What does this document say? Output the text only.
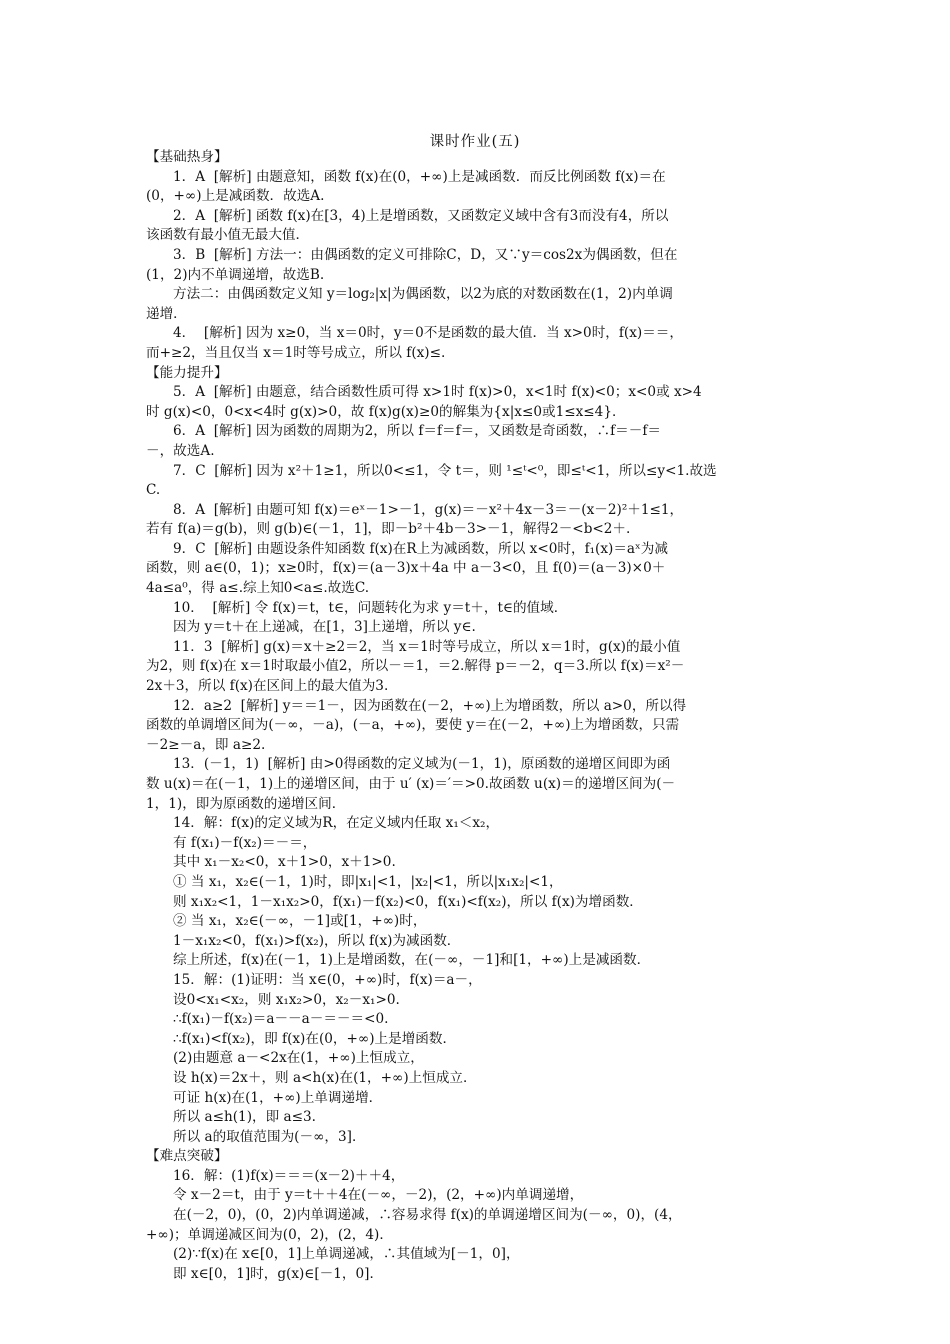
课时作业(五)
【基础热身】
1．A  [解析] 由题意知，函数 f(x)在(0，+∞)上是减函数．而反比例函数 f(x)＝在
(0，+∞)上是减函数．故选A.
2．A  [解析] 函数 f(x)在[3，4)上是增函数，又函数定义域中含有3而没有4，所以
该函数有最小值无最大值．
3．B  [解析] 方法一：由偶函数的定义可排除C，D，又∵y＝cos2x为偶函数，但在
(1，2)内不单调递增，故选B.
方法二：由偶函数定义知 y＝log₂|x|为偶函数，以2为底的对数函数在(1，2)内单调
递增．
4．  [解析] 因为 x≥0，当 x＝0时，y＝0不是函数的最大值．当 x>0时，f(x)＝＝，
而+≥2，当且仅当 x＝1时等号成立，所以 f(x)≤.
【能力提升】
5．A  [解析] 由题意，结合函数性质可得 x>1时 f(x)>0，x<1时 f(x)<0；x<0或 x>4
时 g(x)<0，0<x<4时 g(x)>0，故 f(x)g(x)≥0的解集为{x|x≤0或1≤x≤4}．
6．A  [解析] 因为函数的周期为2，所以 f＝f＝f＝，又函数是奇函数，∴f＝－f＝
－，故选A.
7．C  [解析] 因为 x²＋1≥1，所以0<≤1，令 t＝，则 ¹≤ᵗ<⁰，即≤ᵗ<1，所以≤y<1.故选
C.
8．A  [解析] 由题可知 f(x)＝eˣ－1>－1，g(x)＝－x²＋4x－3＝－(x－2)²＋1≤1，
若有 f(a)＝g(b)，则 g(b)∈(－1，1]，即－b²＋4b－3>－1，解得2－<b<2＋.
9．C  [解析] 由题设条件知函数 f(x)在R上为减函数，所以 x<0时，f₁(x)＝aˣ为减
函数，则 a∈(0，1)；x≥0时，f(x)＝(a－3)x＋4a 中 a－3<0，且 f(0)＝(a－3)×0＋
4a≤a⁰，得 a≤.综上知0<a≤.故选C.
10．  [解析] 令 f(x)＝t，t∈，问题转化为求 y＝t＋，t∈的值域．
因为 y＝t＋在上递减，在[1，3]上递增，所以 y∈.
11．3  [解析] g(x)＝x＋≥2＝2，当 x＝1时等号成立，所以 x＝1时，g(x)的最小值
为2，则 f(x)在 x＝1时取最小值2，所以－＝1，＝2.解得 p＝－2，q＝3.所以 f(x)＝x²－
2x＋3，所以 f(x)在区间上的最大值为3.
12．a≥2  [解析] y＝＝1－，因为函数在(－2，+∞)上为增函数，所以 a>0，所以得
函数的单调增区间为(－∞，－a)，(－a，+∞)，要使 y＝在(－2，+∞)上为增函数，只需
－2≥－a，即 a≥2.
13．(－1，1)  [解析] 由>0得函数的定义域为(－1，1)，原函数的递增区间即为函
数 u(x)＝在(－1，1)上的递增区间，由于 u′ (x)＝′＝>0.故函数 u(x)＝的递增区间为(－
1，1)，即为原函数的递增区间．
14．解：f(x)的定义域为R，在定义域内任取 x₁＜x₂，
有 f(x₁)－f(x₂)＝－＝，
其中 x₁－x₂<0，x＋1>0，x＋1>0.
① 当 x₁，x₂∈(－1，1)时，即|x₁|<1，|x₂|<1，所以|x₁x₂|<1，
则 x₁x₂<1，1－x₁x₂>0，f(x₁)－f(x₂)<0，f(x₁)<f(x₂)，所以 f(x)为增函数．
② 当 x₁，x₂∈(－∞，－1]或[1，+∞)时，
1－x₁x₂<0，f(x₁)>f(x₂)，所以 f(x)为减函数．
综上所述，f(x)在(－1，1)上是增函数，在(－∞，－1]和[1，+∞)上是减函数．
15．解：(1)证明：当 x∈(0，+∞)时，f(x)＝a－，
设0<x₁<x₂，则 x₁x₂>0，x₂－x₁>0.
∴f(x₁)－f(x₂)＝a－－a－＝－＝<0.
∴f(x₁)<f(x₂)，即 f(x)在(0，+∞)上是增函数．
(2)由题意 a－<2x在(1，+∞)上恒成立，
设 h(x)＝2x＋，则 a<h(x)在(1，+∞)上恒成立．
可证 h(x)在(1，+∞)上单调递增．
所以 a≤h(1)，即 a≤3.
所以 a的取值范围为(－∞，3]．
【难点突破】
16．解：(1)f(x)＝＝＝(x－2)＋＋4，
令 x－2＝t，由于 y＝t＋＋4在(－∞，－2)，(2，+∞)内单调递增，
在(－2，0)，(0，2)内单调递减，∴容易求得 f(x)的单调递增区间为(－∞，0)，(4，
+∞)；单调递减区间为(0，2)，(2，4)．
(2)∵f(x)在 x∈[0，1]上单调递减，∴其值域为[－1，0]，
即 x∈[0，1]时，g(x)∈[－1，0]．
